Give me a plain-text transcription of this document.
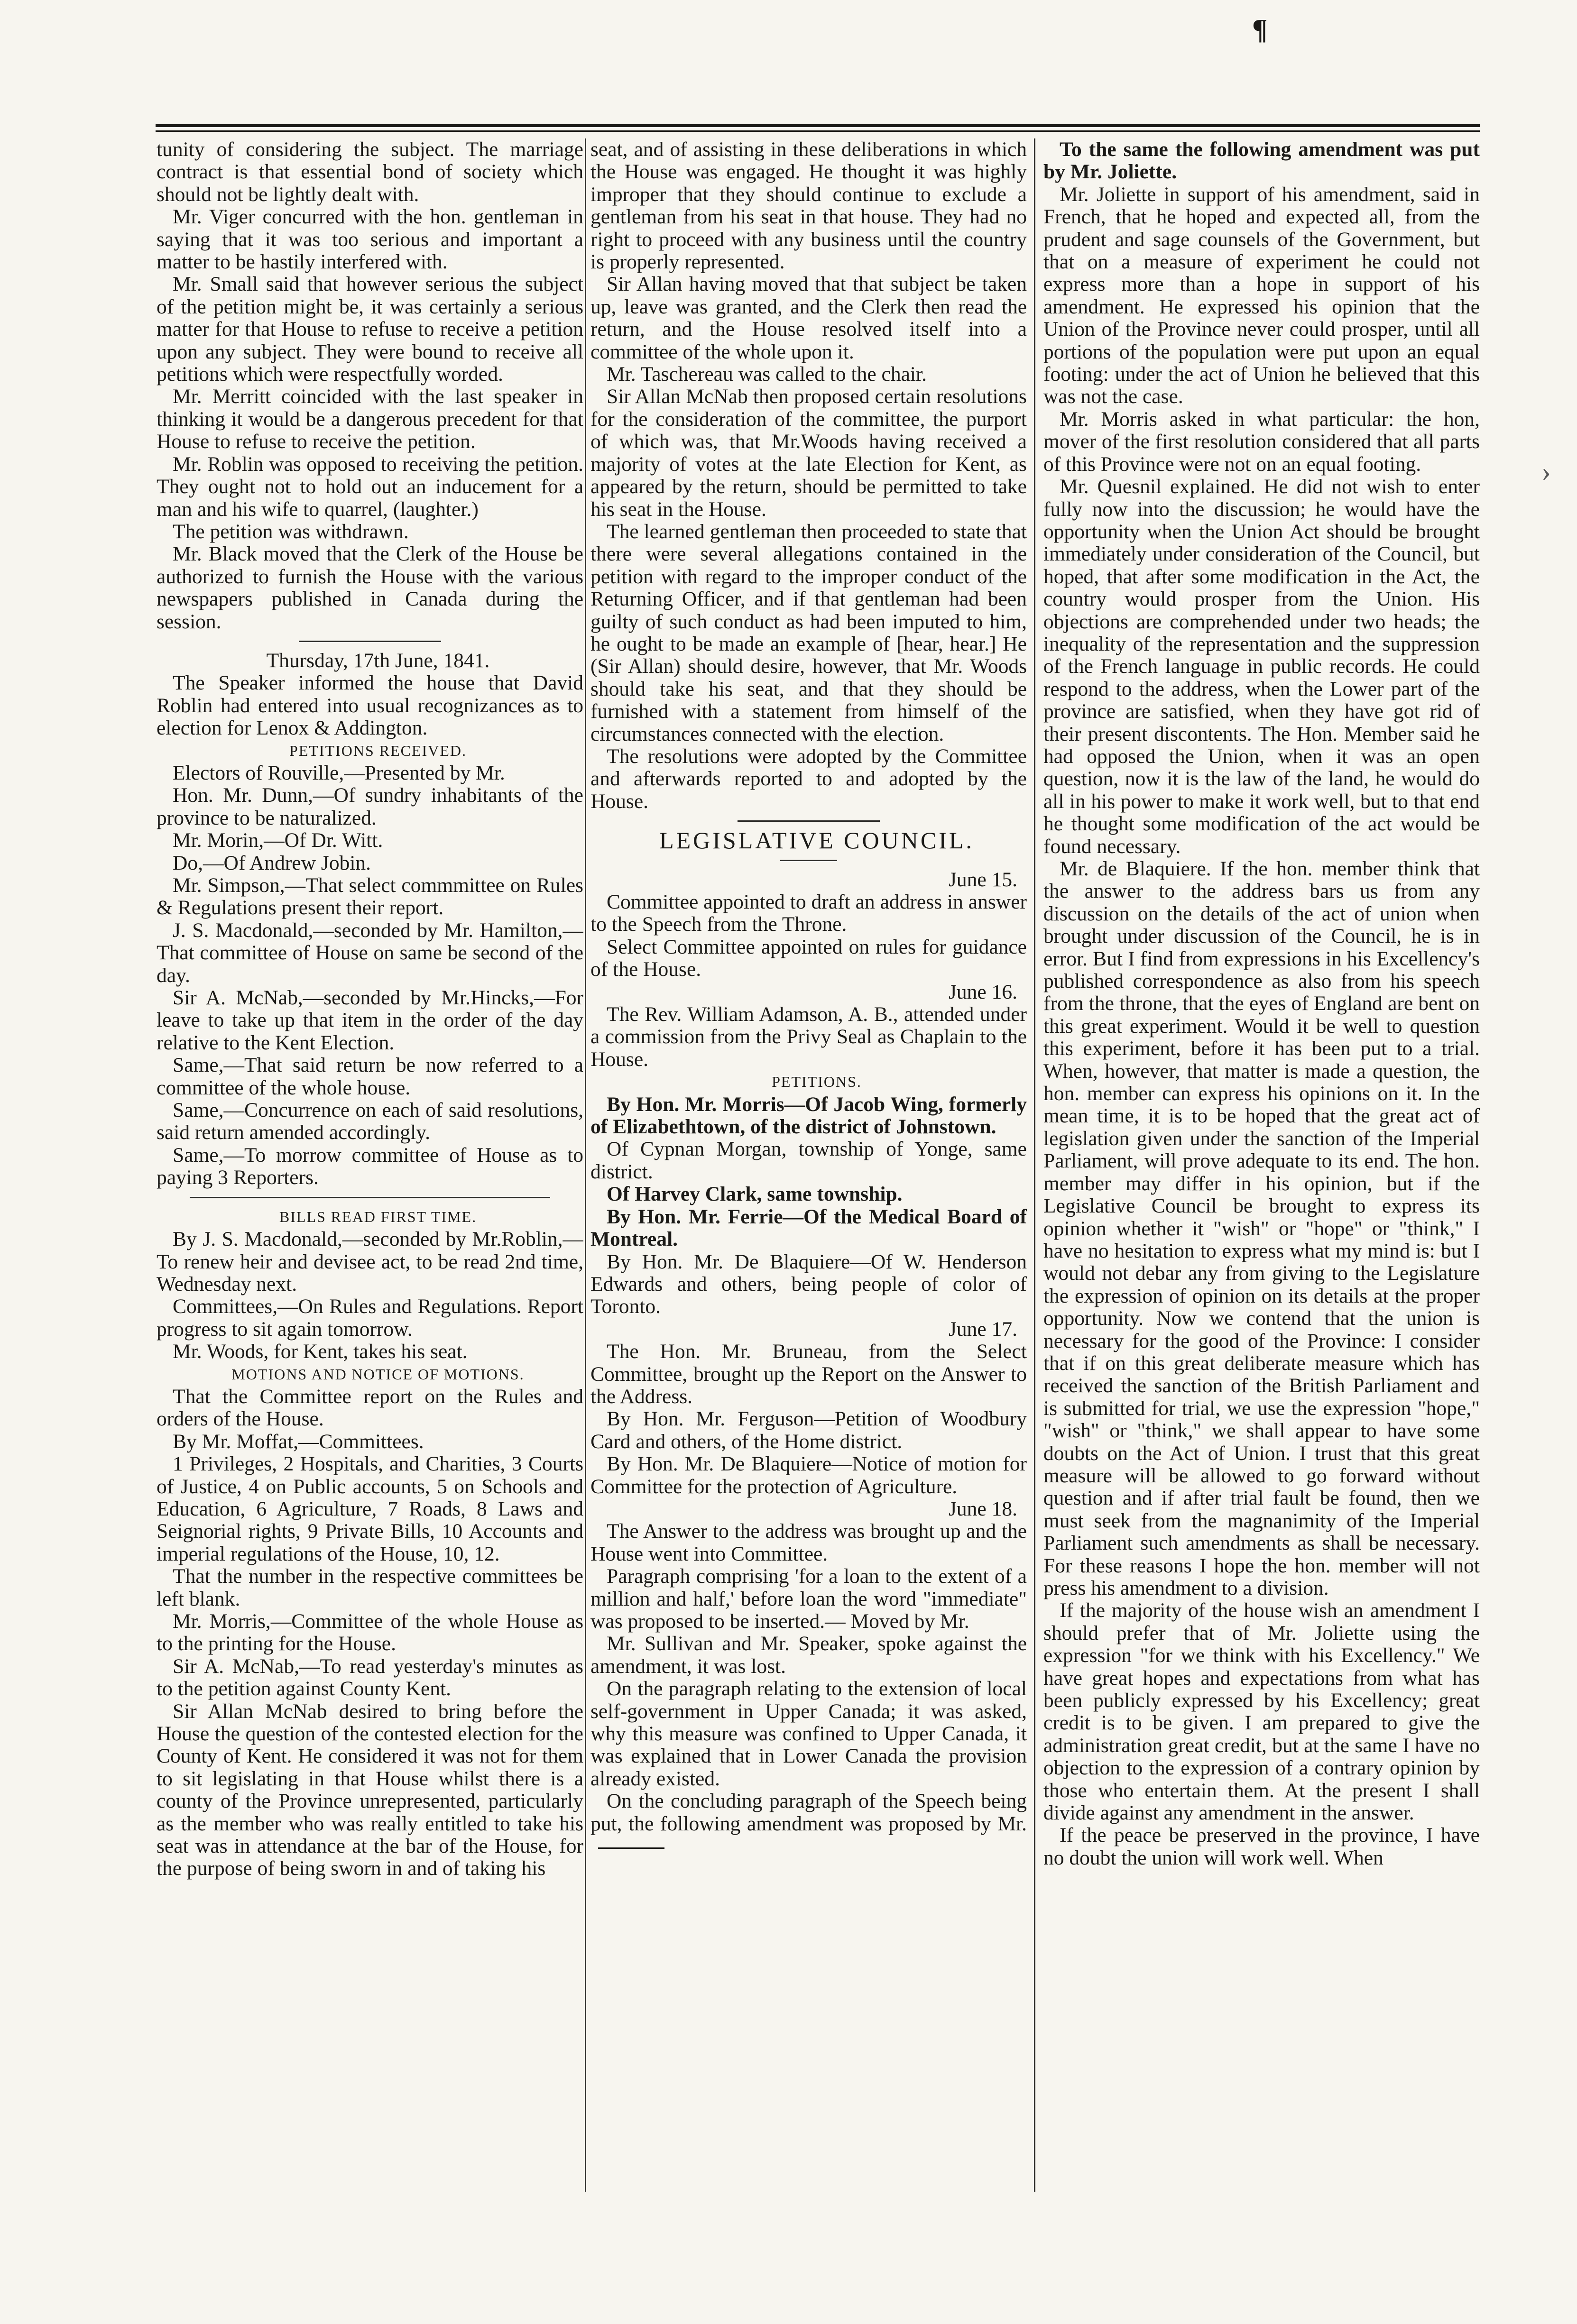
¶
›

tunity of considering the subject. The marriage contract is that essential bond of society which should not be lightly dealt with.

Mr. Viger concurred with the hon. gentleman in saying that it was too serious and important a matter to be hastily interfered with.

Mr. Small said that however serious the subject of the petition might be, it was certainly a serious matter for that House to refuse to receive a petition upon any subject. They were bound to receive all petitions which were respectfully worded.

Mr. Merritt coincided with the last speaker in thinking it would be a dangerous precedent for that House to refuse to receive the petition.

Mr. Roblin was opposed to receiving the petition. They ought not to hold out an inducement for a man and his wife to quarrel, (laughter.)

The petition was withdrawn.

Mr. Black moved that the Clerk of the House be authorized to furnish the House with the various newspapers published in Canada during the session.

Thursday, 17th June, 1841.

The Speaker informed the house that David Roblin had entered into usual recognizances as to election for Lenox & Addington.

PETITIONS RECEIVED.

Electors of Rouville,—Presented by Mr.

Hon. Mr. Dunn,—Of sundry inhabitants of the province to be naturalized.

Mr. Morin,—Of Dr. Witt.

Do,—Of Andrew Jobin.

Mr. Simpson,—That select commmittee on Rules & Regulations present their report.

J. S. Macdonald,—seconded by Mr. Hamilton,—That committee of House on same be second of the day.

Sir A. McNab,—seconded by Mr.Hincks,—For leave to take up that item in the order of the day relative to the Kent Election.

Same,—That said return be now referred to a committee of the whole house.

Same,—Concurrence on each of said resolutions, said return amended accordingly.

Same,—To morrow committee of House as to paying 3 Reporters.

BILLS READ FIRST TIME.

By J. S. Macdonald,—seconded by Mr.Roblin,—To renew heir and devisee act, to be read 2nd time, Wednesday next.

Committees,—On Rules and Regulations. Report progress to sit again tomorrow.

Mr. Woods, for Kent, takes his seat.

MOTIONS AND NOTICE OF MOTIONS.

That the Committee report on the Rules and orders of the House.

By Mr. Moffat,—Committees.

1 Privileges, 2 Hospitals, and Charities, 3 Courts of Justice, 4 on Public accounts, 5 on Schools and Education, 6 Agriculture, 7 Roads, 8 Laws and Seignorial rights, 9 Private Bills, 10 Accounts and imperial regulations of the House, 10, 12.

That the number in the respective committees be left blank.

Mr. Morris,—Committee of the whole House as to the printing for the House.

Sir A. McNab,—To read yesterday's minutes as to the petition against County Kent.

Sir Allan McNab desired to bring before the House the question of the contested election for the County of Kent. He considered it was not for them to sit legislating in that House whilst there is a county of the Province unrepresented, particularly as the member who was really entitled to take his seat was in attendance at the bar of the House, for the purpose of being sworn in and of taking his

seat, and of assisting in these deliberations in which the House was engaged. He thought it was highly improper that they should continue to exclude a gentleman from his seat in that house. They had no right to proceed with any business until the country is properly represented.

Sir Allan having moved that that subject be taken up, leave was granted, and the Clerk then read the return, and the House resolved itself into a committee of the whole upon it.

Mr. Taschereau was called to the chair.

Sir Allan McNab then proposed certain resolutions for the consideration of the committee, the purport of which was, that Mr.Woods having received a majority of votes at the late Election for Kent, as appeared by the return, should be permitted to take his seat in the House.

The learned gentleman then proceeded to state that there were several allegations contained in the petition with regard to the improper conduct of the Returning Officer, and if that gentleman had been guilty of such conduct as had been imputed to him, he ought to be made an example of [hear, hear.] He (Sir Allan) should desire, however, that Mr. Woods should take his seat, and that they should be furnished with a statement from himself of the circumstances connected with the election.

The resolutions were adopted by the Committee and afterwards reported to and adopted by the House.

LEGISLATIVE COUNCIL.

June 15.

Committee appointed to draft an address in answer to the Speech from the Throne.

Select Committee appointed on rules for guidance of the House.

June 16.

The Rev. William Adamson, A. B., attended under a commission from the Privy Seal as Chaplain to the House.

PETITIONS.

By Hon. Mr. Morris—Of Jacob Wing, formerly of Elizabethtown, of the district of Johnstown.

Of Cypnan Morgan, township of Yonge, same district.

Of Harvey Clark, same township.

By Hon. Mr. Ferrie—Of the Medical Board of Montreal.

By Hon. Mr. De Blaquiere—Of W. Henderson Edwards and others, being people of color of Toronto.

June 17.

The Hon. Mr. Bruneau, from the Select Committee, brought up the Report on the Answer to the Address.

By Hon. Mr. Ferguson—Petition of Woodbury Card and others, of the Home district.

By Hon. Mr. De Blaquiere—Notice of motion for Committee for the protection of Agriculture.

June 18.

The Answer to the address was brought up and the House went into Committee.

Paragraph comprising 'for a loan to the extent of a million and half,' before loan the word "immediate" was proposed to be inserted.— Moved by Mr.

Mr. Sullivan and Mr. Speaker, spoke against the amendment, it was lost.

On the paragraph relating to the extension of local self-government in Upper Canada; it was asked, why this measure was confined to Upper Canada, it was explained that in Lower Canada the provision already existed.

On the concluding paragraph of the Speech being put, the following amendment was proposed by Mr.

To the same the following amendment was put by Mr. Joliette.

Mr. Joliette in support of his amendment, said in French, that he hoped and expected all, from the prudent and sage counsels of the Government, but that on a measure of experiment he could not express more than a hope in support of his amendment. He expressed his opinion that the Union of the Province never could prosper, until all portions of the population were put upon an equal footing: under the act of Union he believed that this was not the case.

Mr. Morris asked in what particular: the hon, mover of the first resolution considered that all parts of this Province were not on an equal footing.

Mr. Quesnil explained. He did not wish to enter fully now into the discussion; he would have the opportunity when the Union Act should be brought immediately under consideration of the Council, but hoped, that after some modification in the Act, the country would prosper from the Union. His objections are comprehended under two heads; the inequality of the representation and the suppression of the French language in public records. He could respond to the address, when the Lower part of the province are satisfied, when they have got rid of their present discontents. The Hon. Member said he had opposed the Union, when it was an open question, now it is the law of the land, he would do all in his power to make it work well, but to that end he thought some modification of the act would be found necessary.

Mr. de Blaquiere. If the hon. member think that the answer to the address bars us from any discussion on the details of the act of union when brought under discussion of the Council, he is in error. But I find from expressions in his Excellency's published correspondence as also from his speech from the throne, that the eyes of England are bent on this great experiment. Would it be well to question this experiment, before it has been put to a trial. When, however, that matter is made a question, the hon. member can express his opinions on it. In the mean time, it is to be hoped that the great act of legislation given under the sanction of the Imperial Parliament, will prove adequate to its end. The hon. member may differ in his opinion, but if the Legislative Council be brought to express its opinion whether it "wish" or "hope" or "think," I have no hesitation to express what my mind is: but I would not debar any from giving to the Legislature the expression of opinion on its details at the proper opportunity. Now we contend that the union is necessary for the good of the Province: I consider that if on this great deliberate measure which has received the sanction of the British Parliament and is submitted for trial, we use the expression "hope," "wish" or "think," we shall appear to have some doubts on the Act of Union. I trust that this great measure will be allowed to go forward without question and if after trial fault be found, then we must seek from the magnanimity of the Imperial Parliament such amendments as shall be necessary. For these reasons I hope the hon. member will not press his amendment to a division.

If the majority of the house wish an amendment I should prefer that of Mr. Joliette using the expression "for we think with his Excellency." We have great hopes and expectations from what has been publicly expressed by his Excellency; great credit is to be given. I am prepared to give the administration great credit, but at the same I have no objection to the expression of a contrary opinion by those who entertain them. At the present I shall divide against any amendment in the answer.

If the peace be preserved in the province, I have no doubt the union will work well. When
